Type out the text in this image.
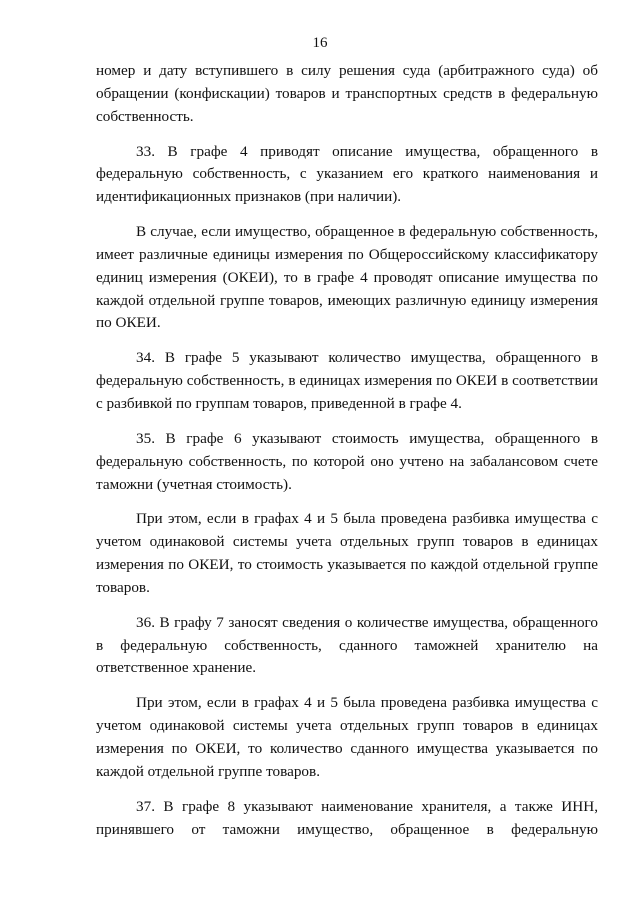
16
номер и дату вступившего в силу решения суда (арбитражного суда) об
обращении (конфискации) товаров и транспортных средств в федеральную
собственность.
33. В графе 4 приводят описание имущества, обращенного в
федеральную собственность, с указанием его краткого наименования и
идентификационных признаков (при наличии).
В случае, если имущество, обращенное в федеральную собственность,
имеет различные единицы измерения по Общероссийскому классификатору
единиц измерения (ОКЕИ), то в графе 4 проводят описание имущества по
каждой отдельной группе товаров, имеющих различную единицу измерения
по ОКЕИ.
34. В графе 5 указывают количество имущества, обращенного в
федеральную собственность, в единицах измерения по ОКЕИ в соответствии
с разбивкой по группам товаров, приведенной в графе 4.
35. В графе 6 указывают стоимость имущества, обращенного в
федеральную собственность, по которой оно учтено на забалансовом счете
таможни (учетная стоимость).
При этом, если в графах 4 и 5 была проведена разбивка имущества с
учетом одинаковой системы учета отдельных групп товаров в единицах
измерения по ОКЕИ, то стоимость указывается по каждой отдельной группе
товаров.
36. В графу 7 заносят сведения о количестве имущества, обращенного
в федеральную собственность, сданного таможней хранителю на
ответственное хранение.
При этом, если в графах 4 и 5 была проведена разбивка имущества с
учетом одинаковой системы учета отдельных групп товаров в единицах
измерения по ОКЕИ, то количество сданного имущества указывается по
каждой отдельной группе товаров.
37. В графе 8 указывают наименование хранителя, а также ИНН,
принявшего от таможни имущество, обращенное в федеральную
